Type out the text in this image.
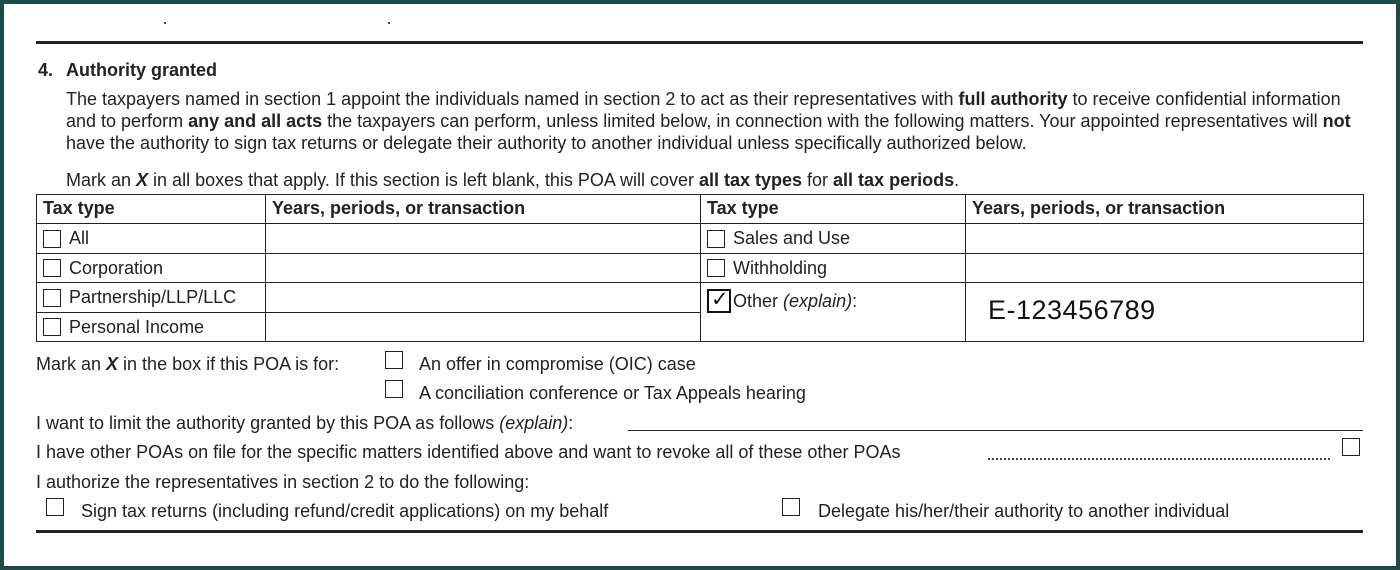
4. Authority granted
The taxpayers named in section 1 appoint the individuals named in section 2 to act as their representatives with full authority to receive confidential information and to perform any and all acts the taxpayers can perform, unless limited below, in connection with the following matters. Your appointed representatives will not have the authority to sign tax returns or delegate their authority to another individual unless specifically authorized below.
Mark an X in all boxes that apply. If this section is left blank, this POA will cover all tax types for all tax periods.
Tax type	Years, periods, or transaction	Tax type	Years, periods, or transaction

All		Sales and Use	

Corporation		Withholding	

Partnership/LLP/LLC		✓ Other (explain):	E-123456789

Personal Income			

Mark an X in the box if this POA is for:	An offer in compromise (OIC) case
A conciliation conference or Tax Appeals hearing
I want to limit the authority granted by this POA as follows (explain):
I have other POAs on file for the specific matters identified above and want to revoke all of these other POAs
I authorize the representatives in section 2 to do the following:
Sign tax returns (including refund/credit applications) on my behalf	Delegate his/her/their authority to another individual
